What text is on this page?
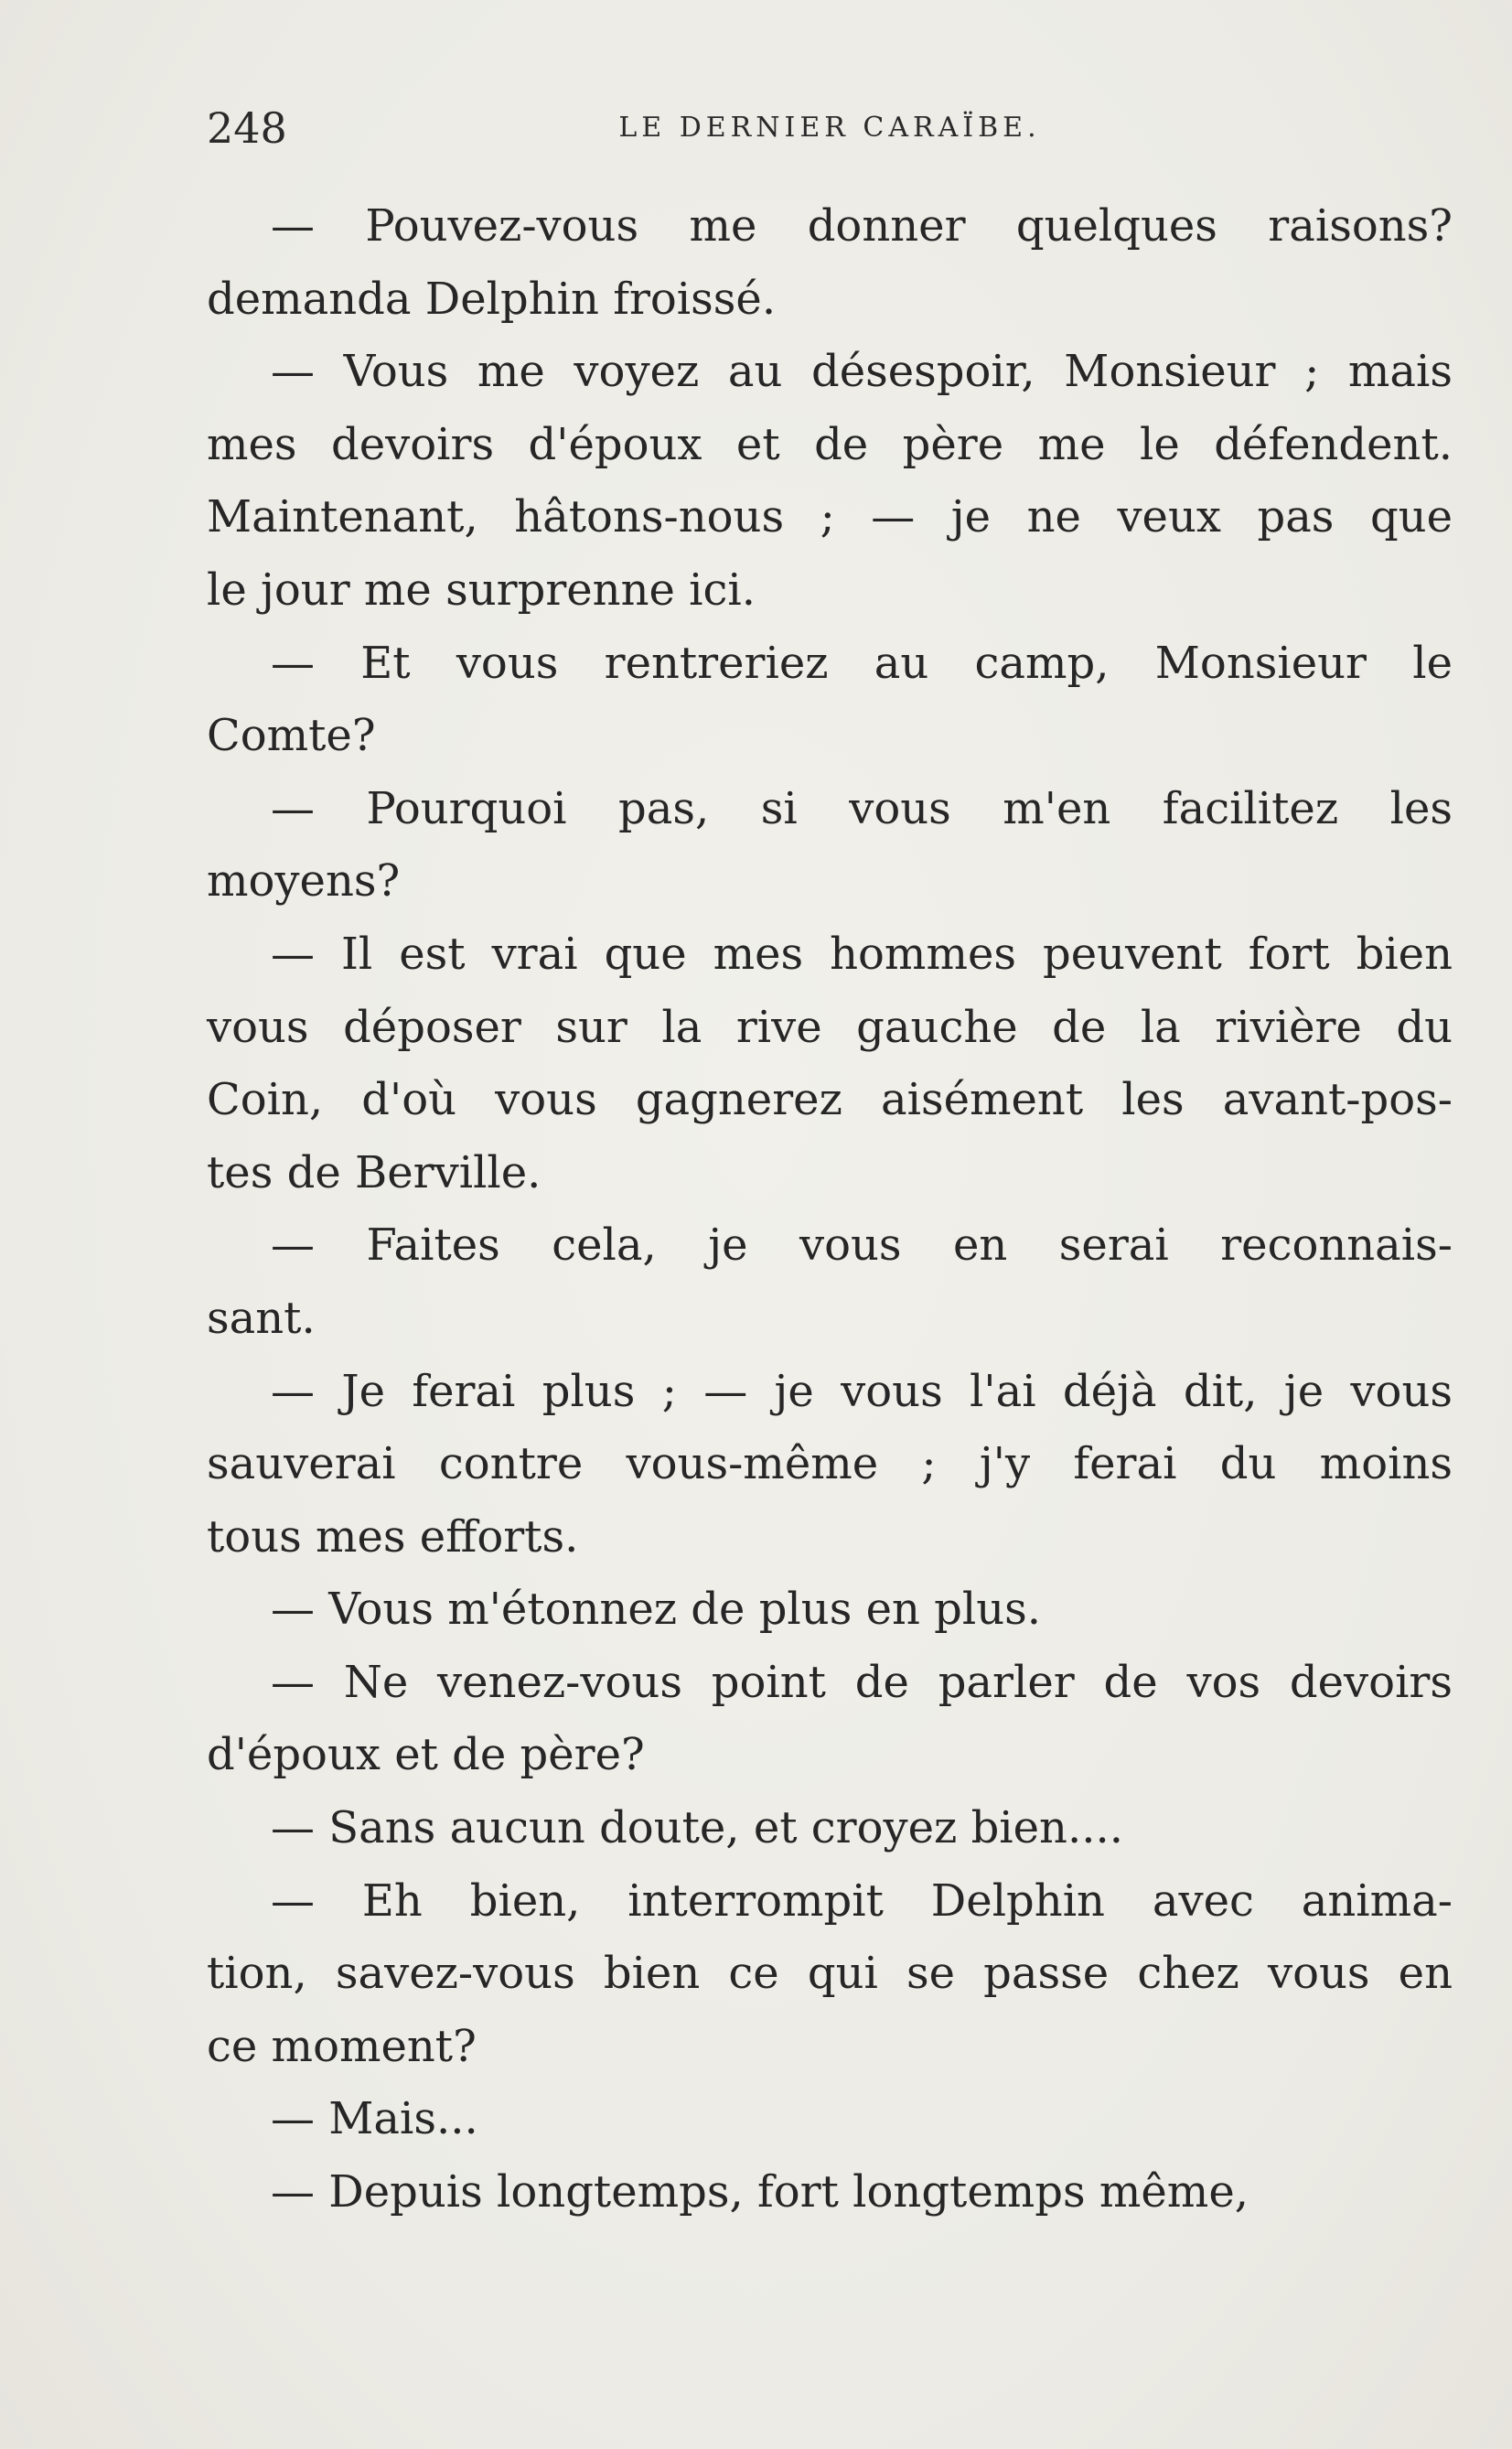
248	LE DERNIER CARAÏBE.
— Pouvez-vous me donner quelques raisons?
demanda Delphin froissé.
— Vous me voyez au désespoir, Monsieur ; mais
mes devoirs d'époux et de père me le défendent.
Maintenant, hâtons-nous ; — je ne veux pas que
le jour me surprenne ici.
— Et vous rentreriez au camp, Monsieur le
Comte?
— Pourquoi pas, si vous m'en facilitez les
moyens?
— Il est vrai que mes hommes peuvent fort bien
vous déposer sur la rive gauche de la rivière du
Coin, d'où vous gagnerez aisément les avant-pos-
tes de Berville.
— Faites cela, je vous en serai reconnais-
sant.
— Je ferai plus ; — je vous l'ai déjà dit, je vous
sauverai contre vous-même ; j'y ferai du moins
tous mes efforts.
— Vous m'étonnez de plus en plus.
— Ne venez-vous point de parler de vos devoirs
d'époux et de père?
— Sans aucun doute, et croyez bien....
— Eh bien, interrompit Delphin avec anima-
tion, savez-vous bien ce qui se passe chez vous en
ce moment?
— Mais...
— Depuis longtemps, fort longtemps même,
